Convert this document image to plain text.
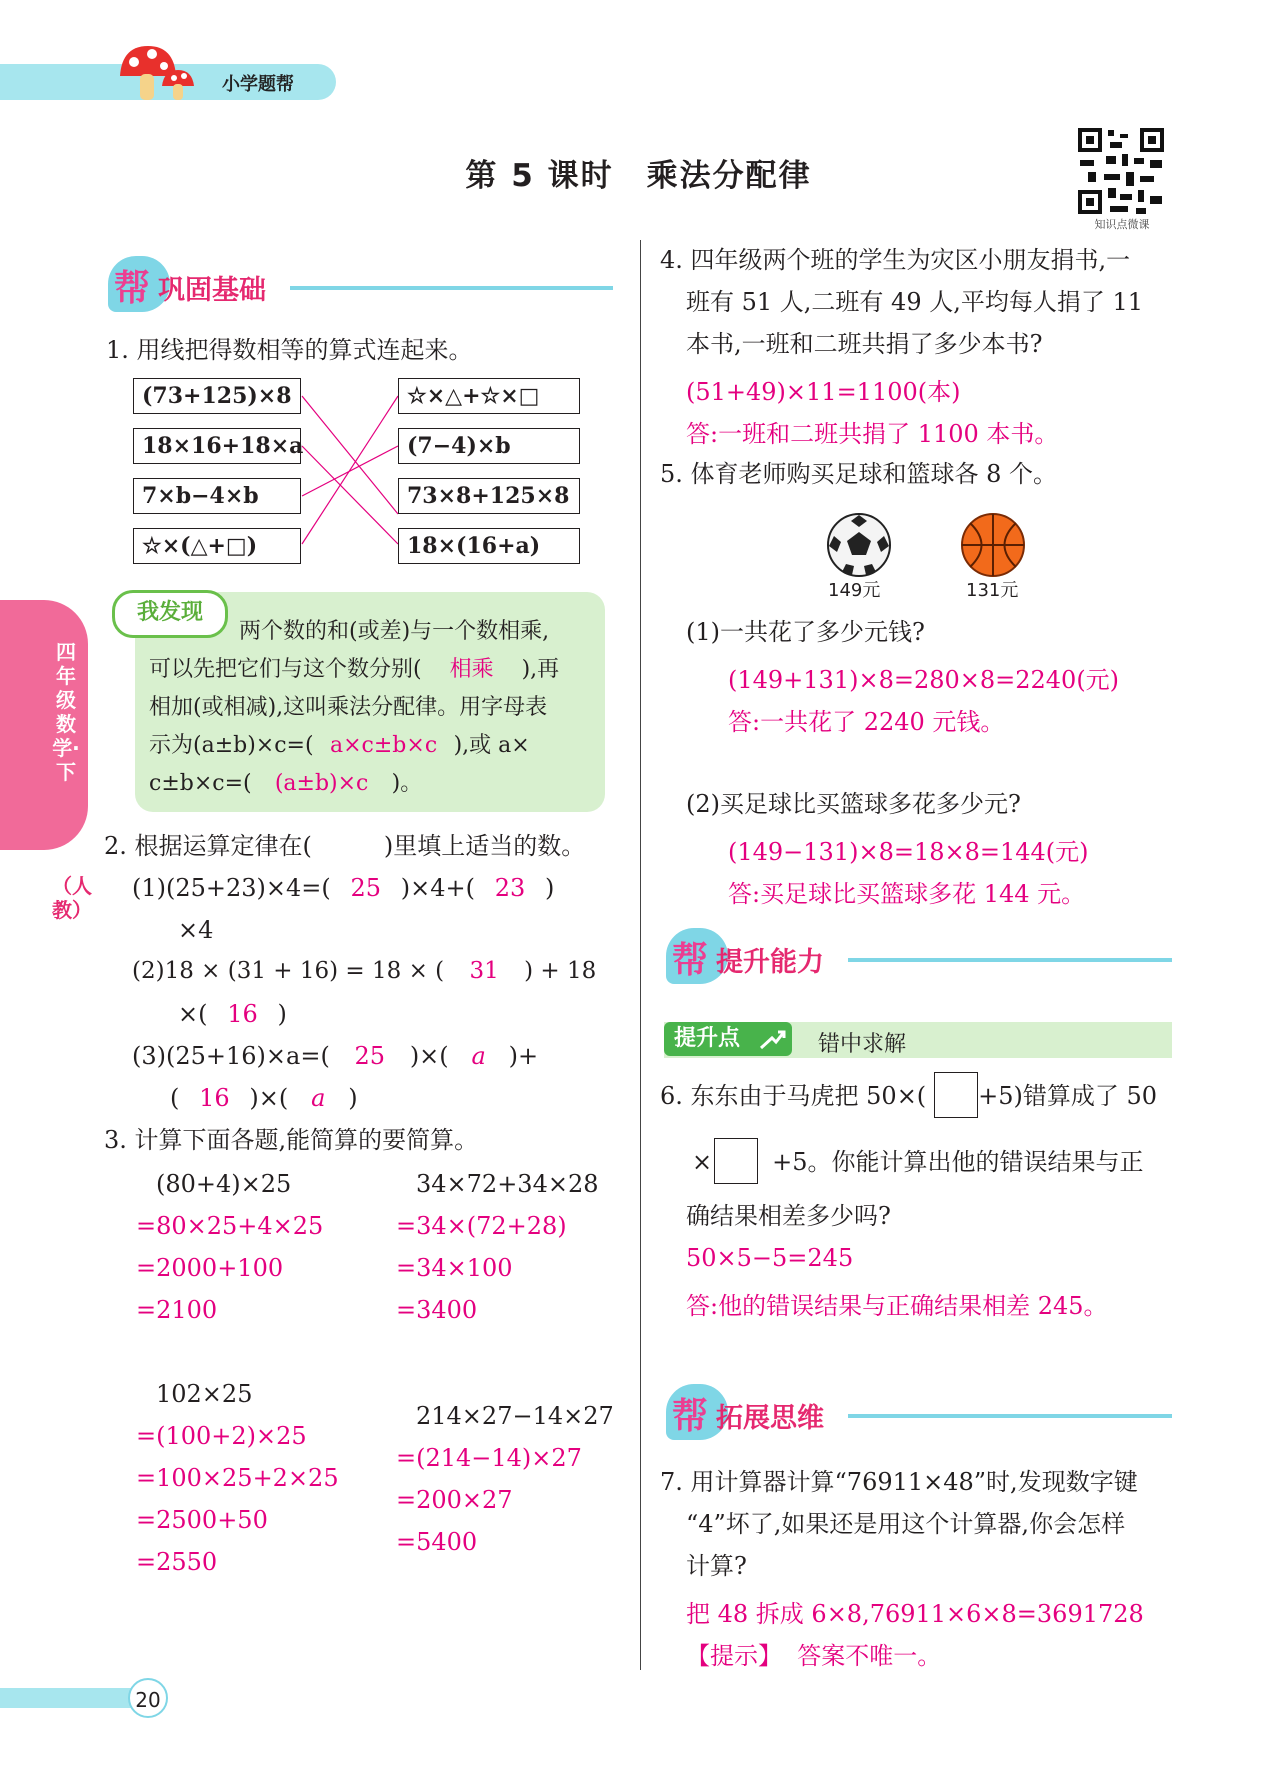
小学题帮
第 5 课时　乘法分配律
知识点微课
四年级数学·下
（人教）
帮 巩固基础
1. 用线把得数相等的算式连起来。
(73+125)×8
18×16+18×a
7×b−4×b
☆×(△+□)
☆×△+☆×□
(7−4)×b
73×8+125×8
18×(16+a)
两个数的和(或差)与一个数相乘,
可以先把它们与这个数分别( 相乘 ),再
相加(或相减),这叫乘法分配律。用字母表
示为(a±b)×c=( a×c±b×c ),或 a×
c±b×c=( (a±b)×c )。
我发现
2. 根据运算定律在(　　　)里填上适当的数。
(1)(25+23)×4=( 25 )×4+( 23 )
×4
(2)18 × (31 + 16) = 18 × ( 31 ) + 18
×( 16 )
(3)(25+16)×a=( 25 )×( a )+
( 16 )×( a )
3. 计算下面各题,能简算的要简算。
(80+4)×25
=80×25+4×25
=2000+100
=2100
34×72+34×28
=34×(72+28)
=34×100
=3400
102×25
=(100+2)×25
=100×25+2×25
=2500+50
=2550
214×27−14×27
=(214−14)×27
=200×27
=5400
4. 四年级两个班的学生为灾区小朋友捐书,一
班有 51 人,二班有 49 人,平均每人捐了 11
本书,一班和二班共捐了多少本书?
(51+49)×11=1100(本)
答:一班和二班共捐了 1100 本书。
5. 体育老师购买足球和篮球各 8 个。
149元	131元
(1)一共花了多少元钱?
(149+131)×8=280×8=2240(元)
答:一共花了 2240 元钱。
(2)买足球比买篮球多花多少元?
(149−131)×8=18×8=144(元)
答:买足球比买篮球多花 144 元。
帮 提升能力
提升点	错中求解
6. 东东由于马虎把 50×( +5)错算成了 50
×	+5。你能计算出他的错误结果与正
确结果相差多少吗?
50×5−5=245
答:他的错误结果与正确结果相差 245。
帮 拓展思维
7. 用计算器计算“76911×48”时,发现数字键
“4”坏了,如果还是用这个计算器,你会怎样
计算?
把 48 拆成 6×8,76911×6×8=3691728
【提示】 答案不唯一。
20
